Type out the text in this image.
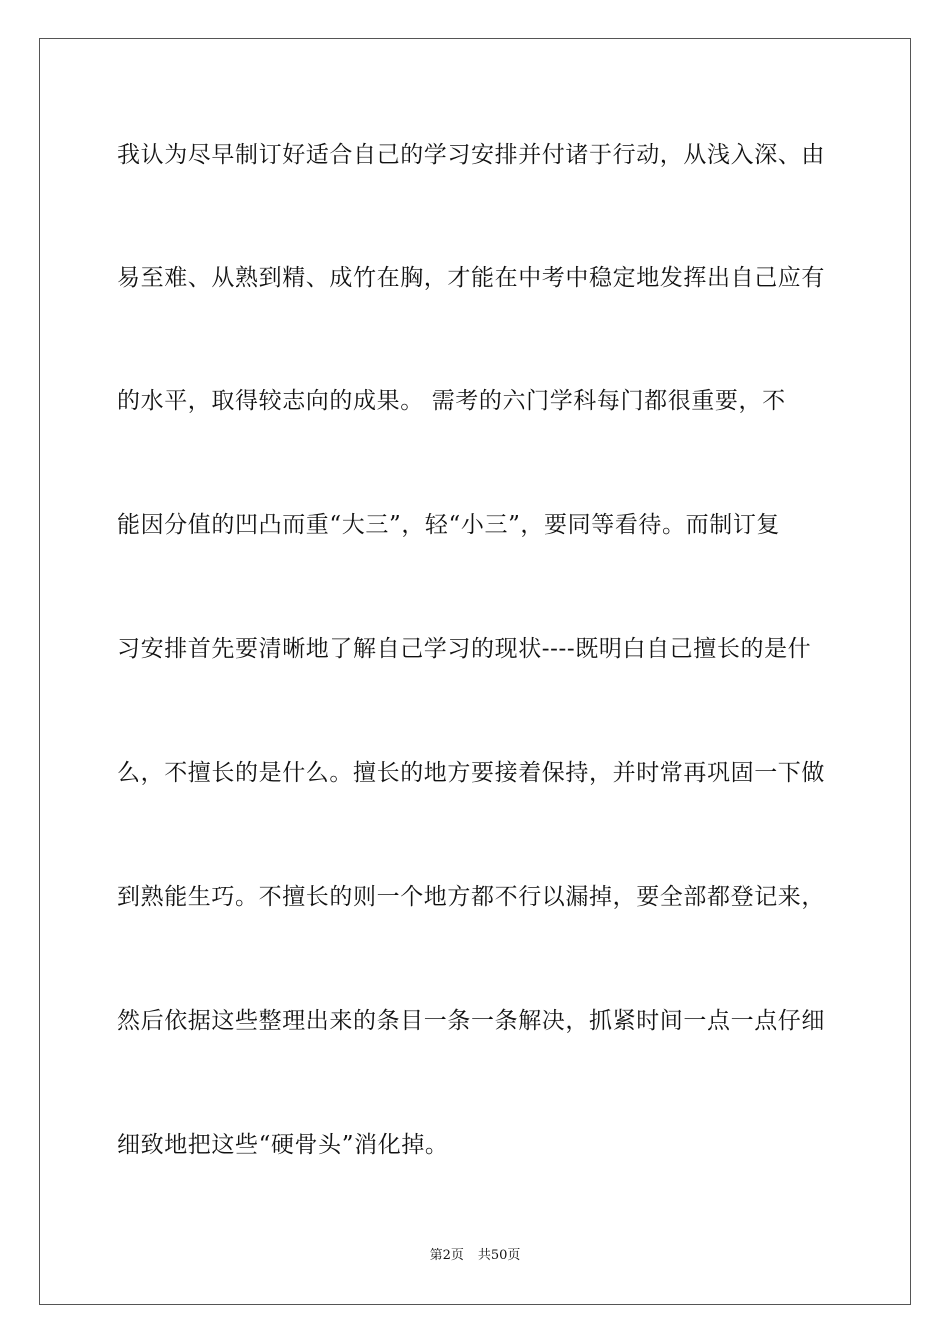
我认为尽早制订好适合自己的学习安排并付诸于行动，从浅入深、由
易至难、从熟到精、成竹在胸，才能在中考中稳定地发挥出自己应有
的水平，取得较志向的成果。 需考的六门学科每门都很重要，不
能因分值的凹凸而重“大三”，轻“小三”，要同等看待。而制订复
习安排首先要清晰地了解自己学习的现状----既明白自己擅长的是什
么，不擅长的是什么。擅长的地方要接着保持，并时常再巩固一下做
到熟能生巧。不擅长的则一个地方都不行以漏掉，要全部都登记来，
然后依据这些整理出来的条目一条一条解决，抓紧时间一点一点仔细
细致地把这些“硬骨头”消化掉。
第2页 共50页
